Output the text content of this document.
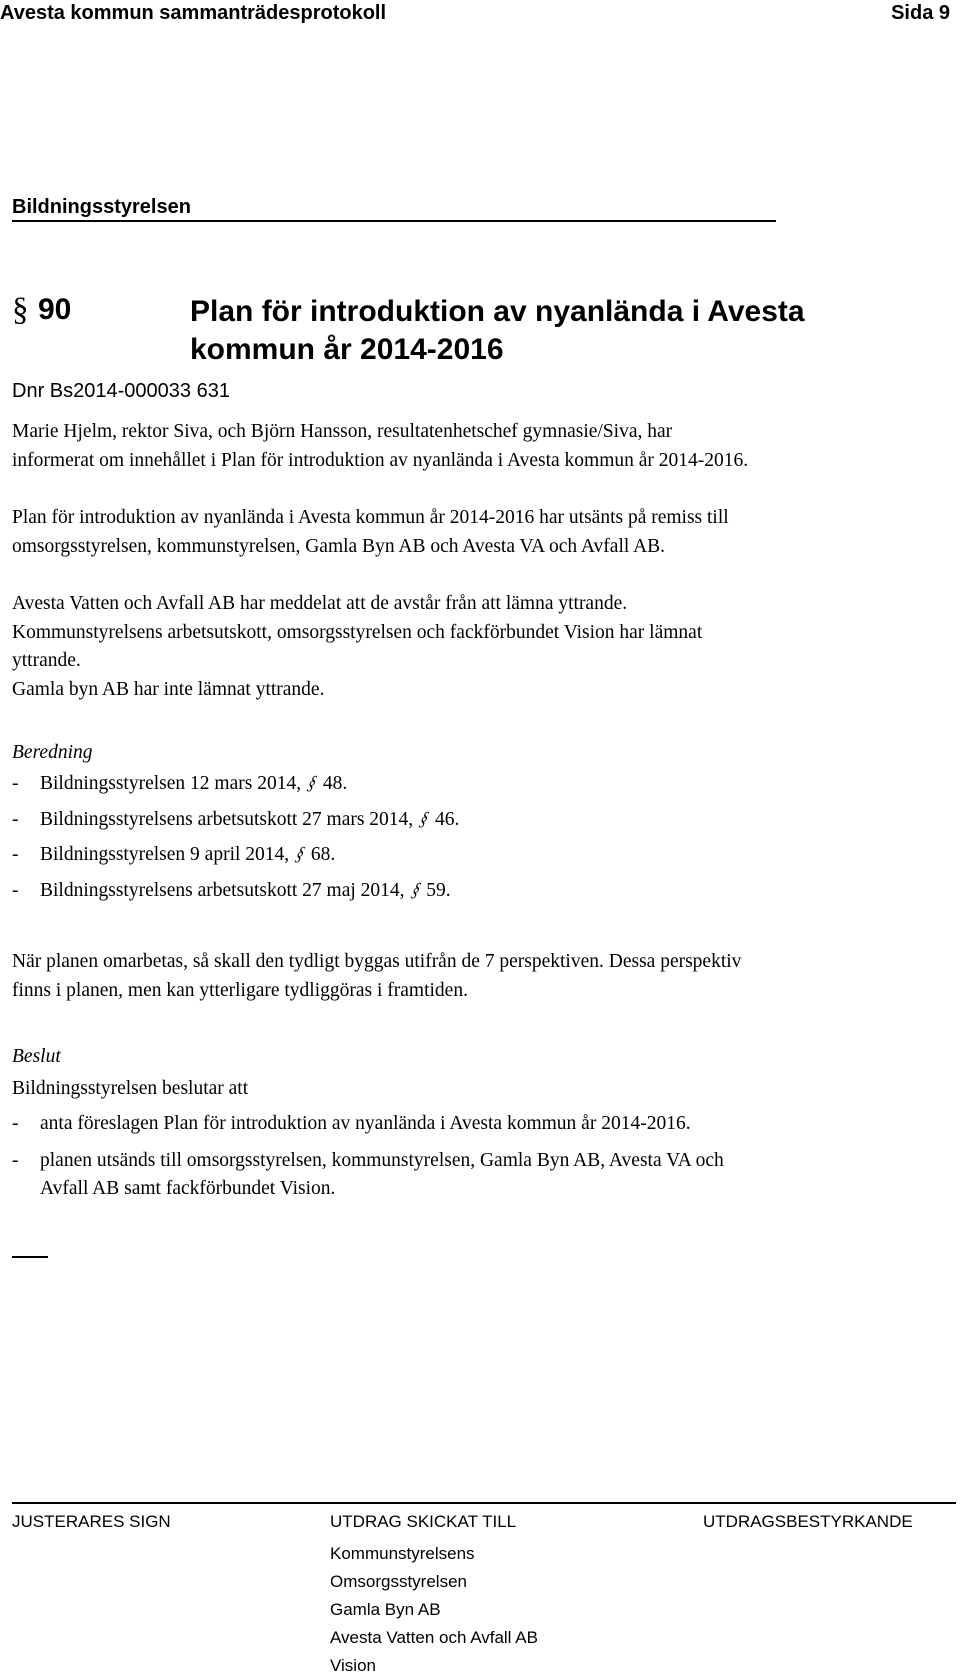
Avesta kommun sammanträdesprotokoll	Sida 9
Bildningsstyrelsen
§ 90	Plan för introduktion av nyanlända i Avesta kommun år 2014-2016
Dnr Bs2014-000033 631

Marie Hjelm, rektor Siva, och Björn Hansson, resultatenhetschef gymnasie/Siva, har

informerat om innehållet i Plan för introduktion av nyanlända i Avesta kommun år 2014-2016.

Plan för introduktion av nyanlända i Avesta kommun år 2014-2016 har utsänts på remiss till

omsorgsstyrelsen, kommunstyrelsen, Gamla Byn AB och Avesta VA och Avfall AB.

Avesta Vatten och Avfall AB har meddelat att de avstår från att lämna yttrande.

Kommunstyrelsens arbetsutskott, omsorgsstyrelsen och fackförbundet Vision har lämnat

yttrande.

Gamla byn AB har inte lämnat yttrande.

Beredning
-	Bildningsstyrelsen 12 mars 2014, § 48.
-	Bildningsstyrelsens arbetsutskott 27 mars 2014, § 46.
-	Bildningsstyrelsen 9 april 2014, § 68.
-	Bildningsstyrelsens arbetsutskott 27 maj 2014, § 59.

När planen omarbetas, så skall den tydligt byggas utifrån de 7 perspektiven. Dessa perspektiv

finns i planen, men kan ytterligare tydliggöras i framtiden.

Beslut

Bildningsstyrelsen beslutar att

-	anta föreslagen Plan för introduktion av nyanlända i Avesta kommun år 2014-2016.
-	planen utsänds till omsorgsstyrelsen, kommunstyrelsen, Gamla Byn AB, Avesta VA och
Avfall AB samt fackförbundet Vision.
JUSTERARES SIGN	UTDRAG SKICKAT TILL	UTDRAGSBESTYRKANDE
Kommunstyrelsens
Omsorgsstyrelsen
Gamla Byn AB
Avesta Vatten och Avfall AB
Vision
